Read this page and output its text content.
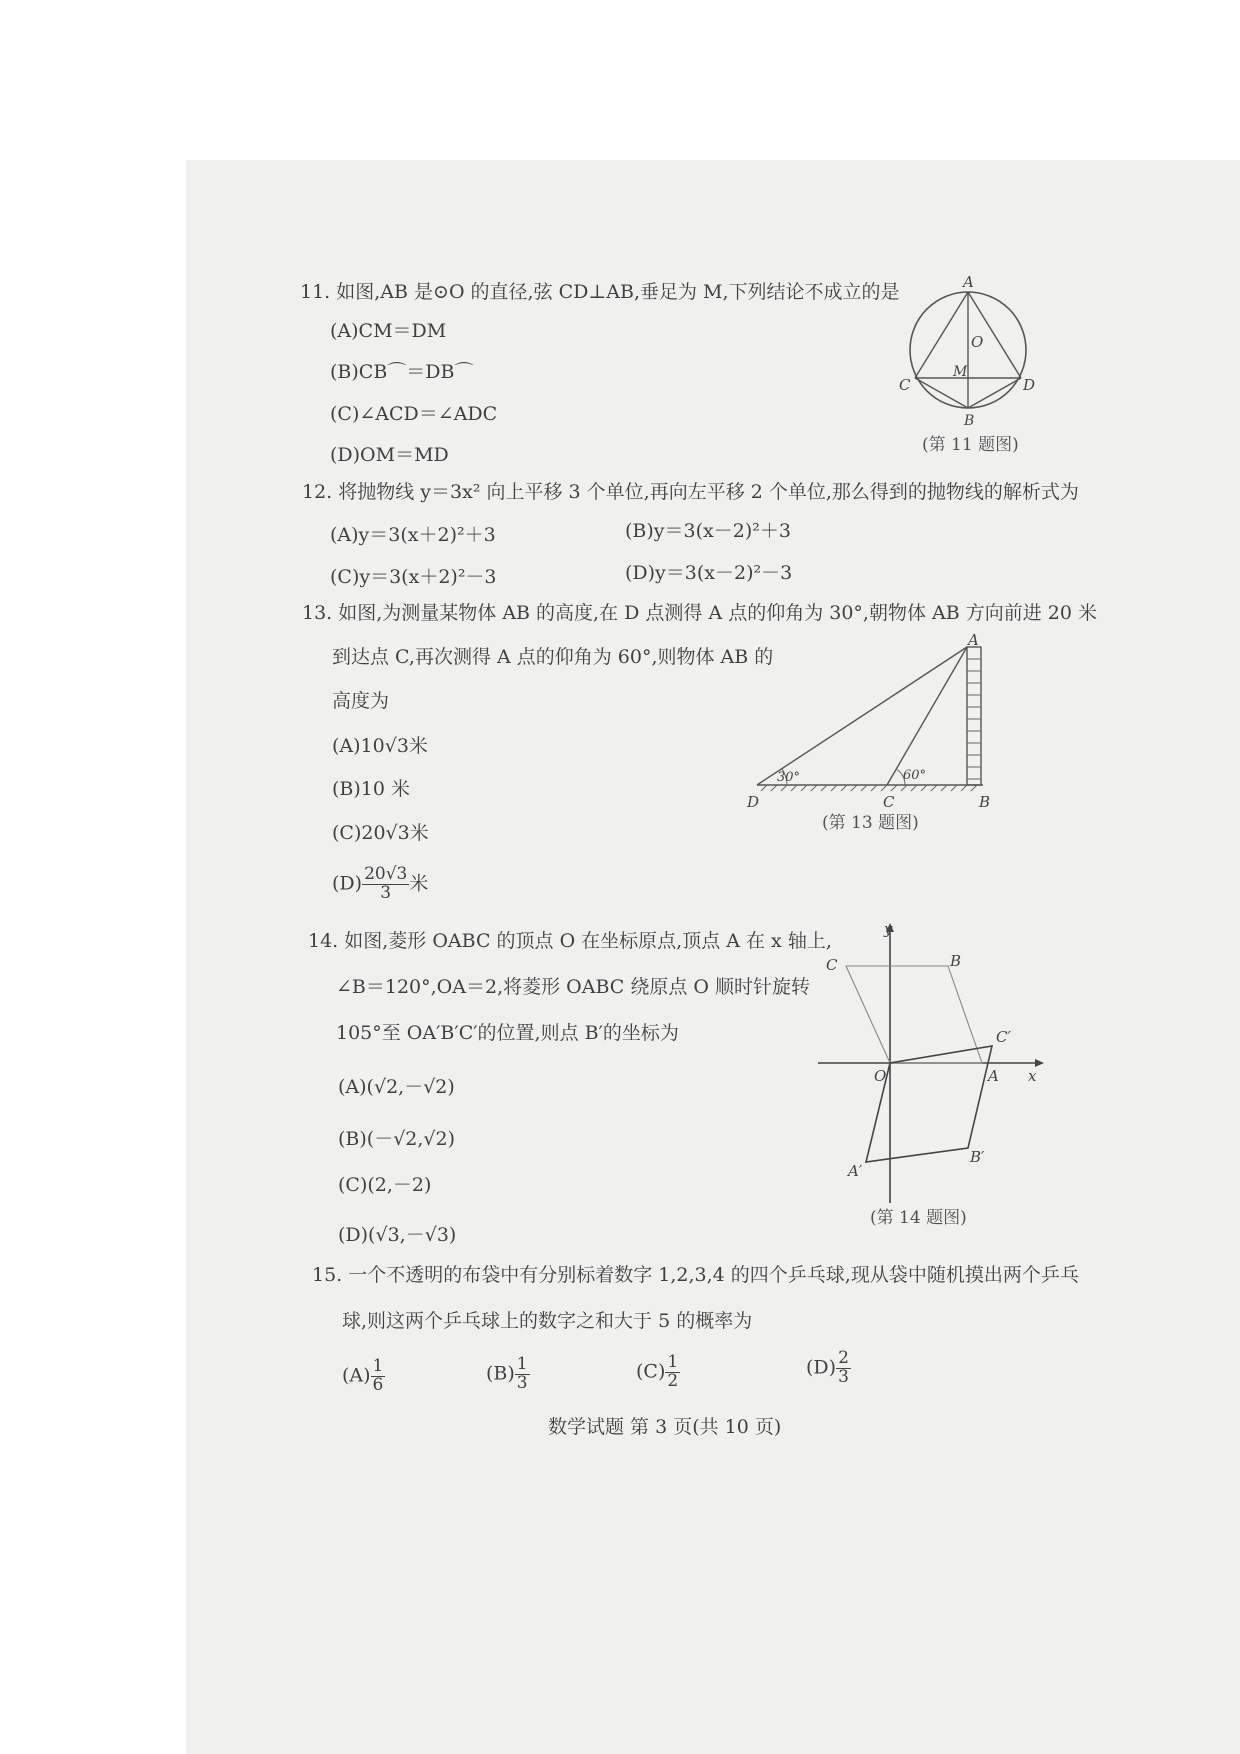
11. 如图,AB 是⊙O 的直径,弦 CD⊥AB,垂足为 M,下列结论不成立的是
(A)CM＝DM
(B)CB⌒＝DB⌒
(C)∠ACD＝∠ADC
(D)OM＝MD
A
O
M
C	D
B
(第 11 题图)
12. 将抛物线 y＝3x² 向上平移 3 个单位,再向左平移 2 个单位,那么得到的抛物线的解析式为
(A)y＝3(x＋2)²＋3	(B)y＝3(x－2)²＋3
(C)y＝3(x＋2)²－3	(D)y＝3(x－2)²－3
13. 如图,为测量某物体 AB 的高度,在 D 点测得 A 点的仰角为 30°,朝物体 AB 方向前进 20 米
到达点 C,再次测得 A 点的仰角为 60°,则物体 AB 的
高度为
(A)10√3米
(B)10 米
(C)20√3米
$(D) \frac{20√3}{3}$ 米
A
D	C	B
30°	60°
(第 13 题图)
14. 如图,菱形 OABC 的顶点 O 在坐标原点,顶点 A 在 x 轴上,
∠B＝120°,OA＝2,将菱形 OABC 绕原点 O 顺时针旋转
105°至 OA′B′C′的位置,则点 B′的坐标为
(A)(√2,－√2)
(B)(－√2,√2)
(C)(2,－2)
(D)(√3,－√3)
y
C	B
C′
O	A x
A′
B′
(第 14 题图)
15. 一个不透明的布袋中有分别标着数字 1,2,3,4 的四个乒乓球,现从袋中随机摸出两个乒乓
球,则这两个乒乓球上的数字之和大于 5 的概率为
$(A) \frac{1}{6}$	$(B) \frac{1}{3}$	$(C) \frac{1}{2}$	$(D) \frac{2}{3}$
数学试题 第 3 页(共 10 页)
